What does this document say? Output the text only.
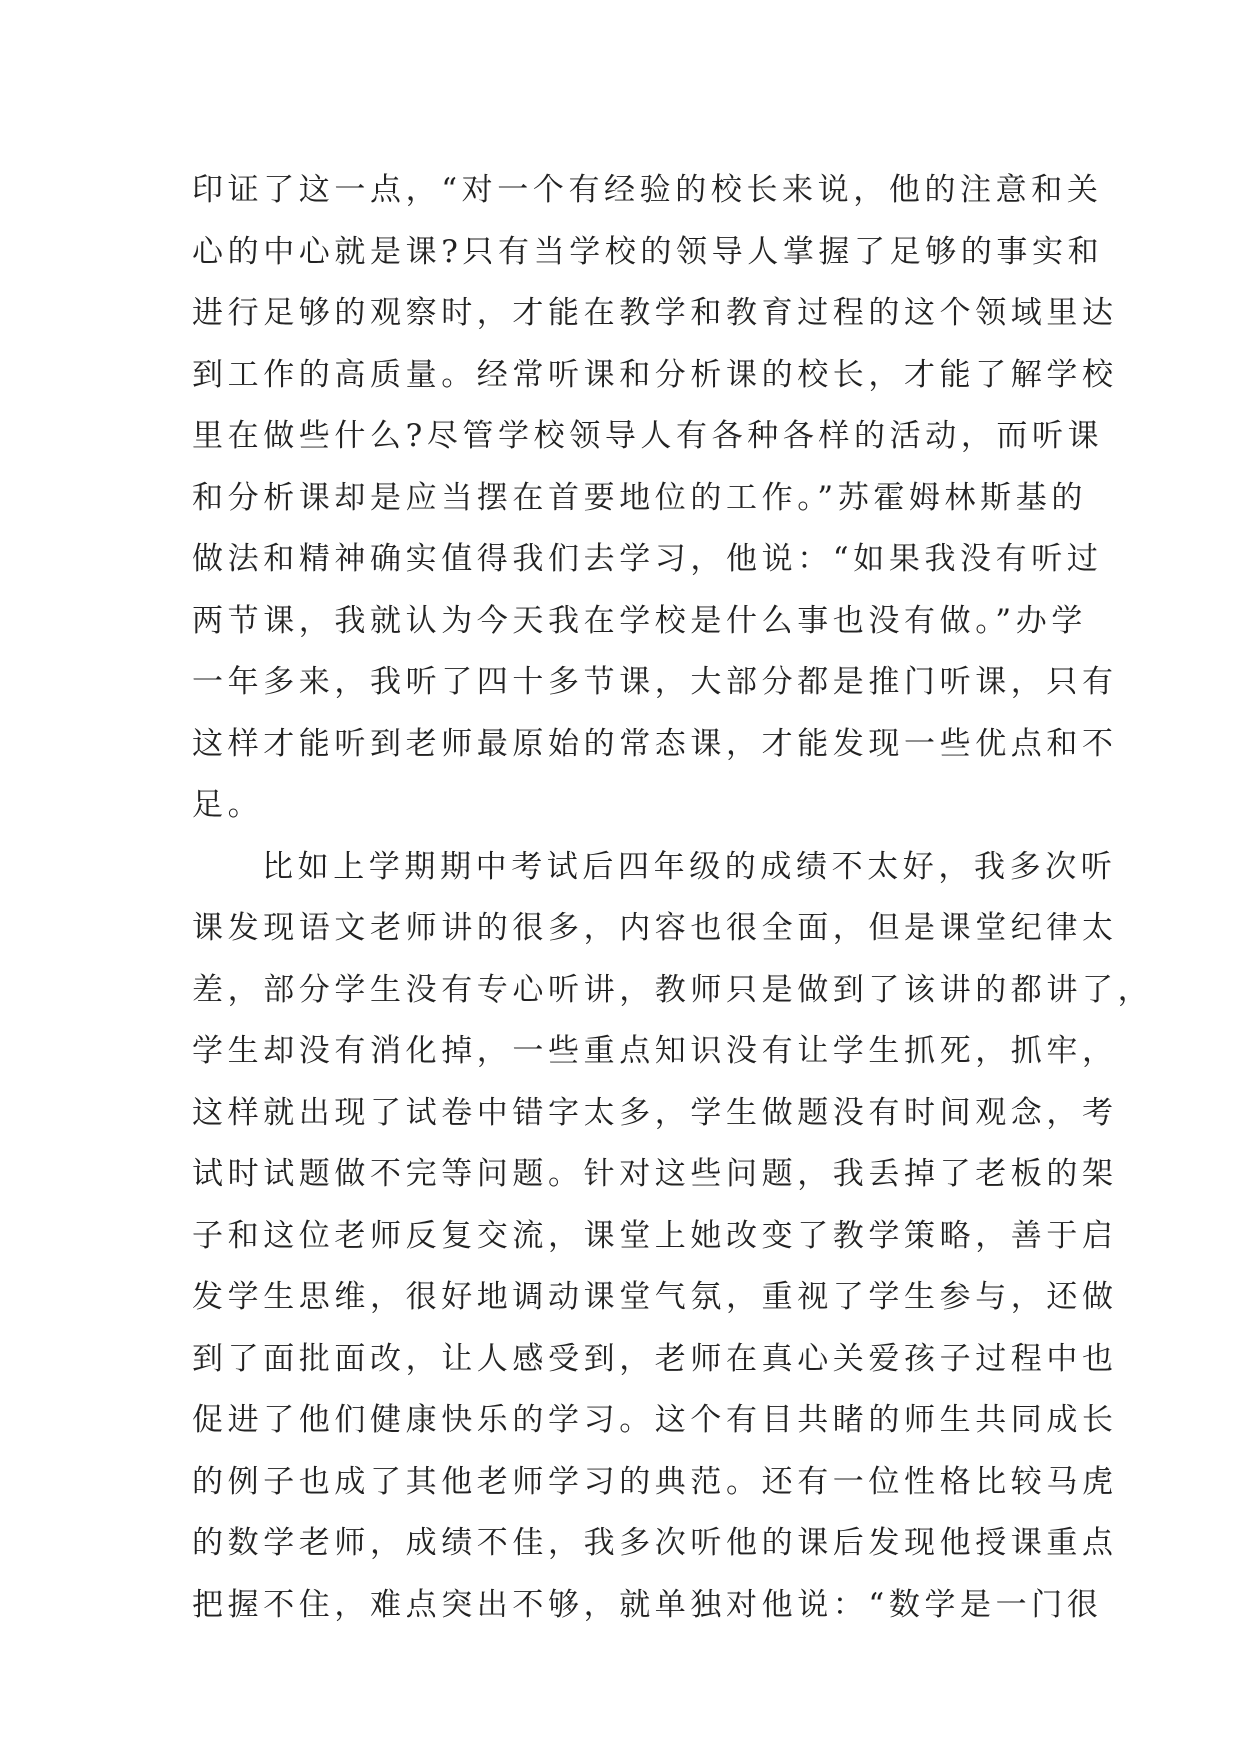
印证了这一点，“对一个有经验的校长来说，他的注意和关
心的中心就是课?只有当学校的领导人掌握了足够的事实和
进行足够的观察时，才能在教学和教育过程的这个领域里达
到工作的高质量。经常听课和分析课的校长，才能了解学校
里在做些什么?尽管学校领导人有各种各样的活动，而听课
和分析课却是应当摆在首要地位的工作。”苏霍姆林斯基的
做法和精神确实值得我们去学习，他说：“如果我没有听过
两节课，我就认为今天我在学校是什么事也没有做。”办学
一年多来，我听了四十多节课，大部分都是推门听课，只有
这样才能听到老师最原始的常态课，才能发现一些优点和不
足。
比如上学期期中考试后四年级的成绩不太好，我多次听
课发现语文老师讲的很多，内容也很全面，但是课堂纪律太
差，部分学生没有专心听讲，教师只是做到了该讲的都讲了，
学生却没有消化掉，一些重点知识没有让学生抓死，抓牢，
这样就出现了试卷中错字太多，学生做题没有时间观念，考
试时试题做不完等问题。针对这些问题，我丢掉了老板的架
子和这位老师反复交流，课堂上她改变了教学策略，善于启
发学生思维，很好地调动课堂气氛，重视了学生参与，还做
到了面批面改，让人感受到，老师在真心关爱孩子过程中也
促进了他们健康快乐的学习。这个有目共睹的师生共同成长
的例子也成了其他老师学习的典范。还有一位性格比较马虎
的数学老师，成绩不佳，我多次听他的课后发现他授课重点
把握不住，难点突出不够，就单独对他说：“数学是一门很
